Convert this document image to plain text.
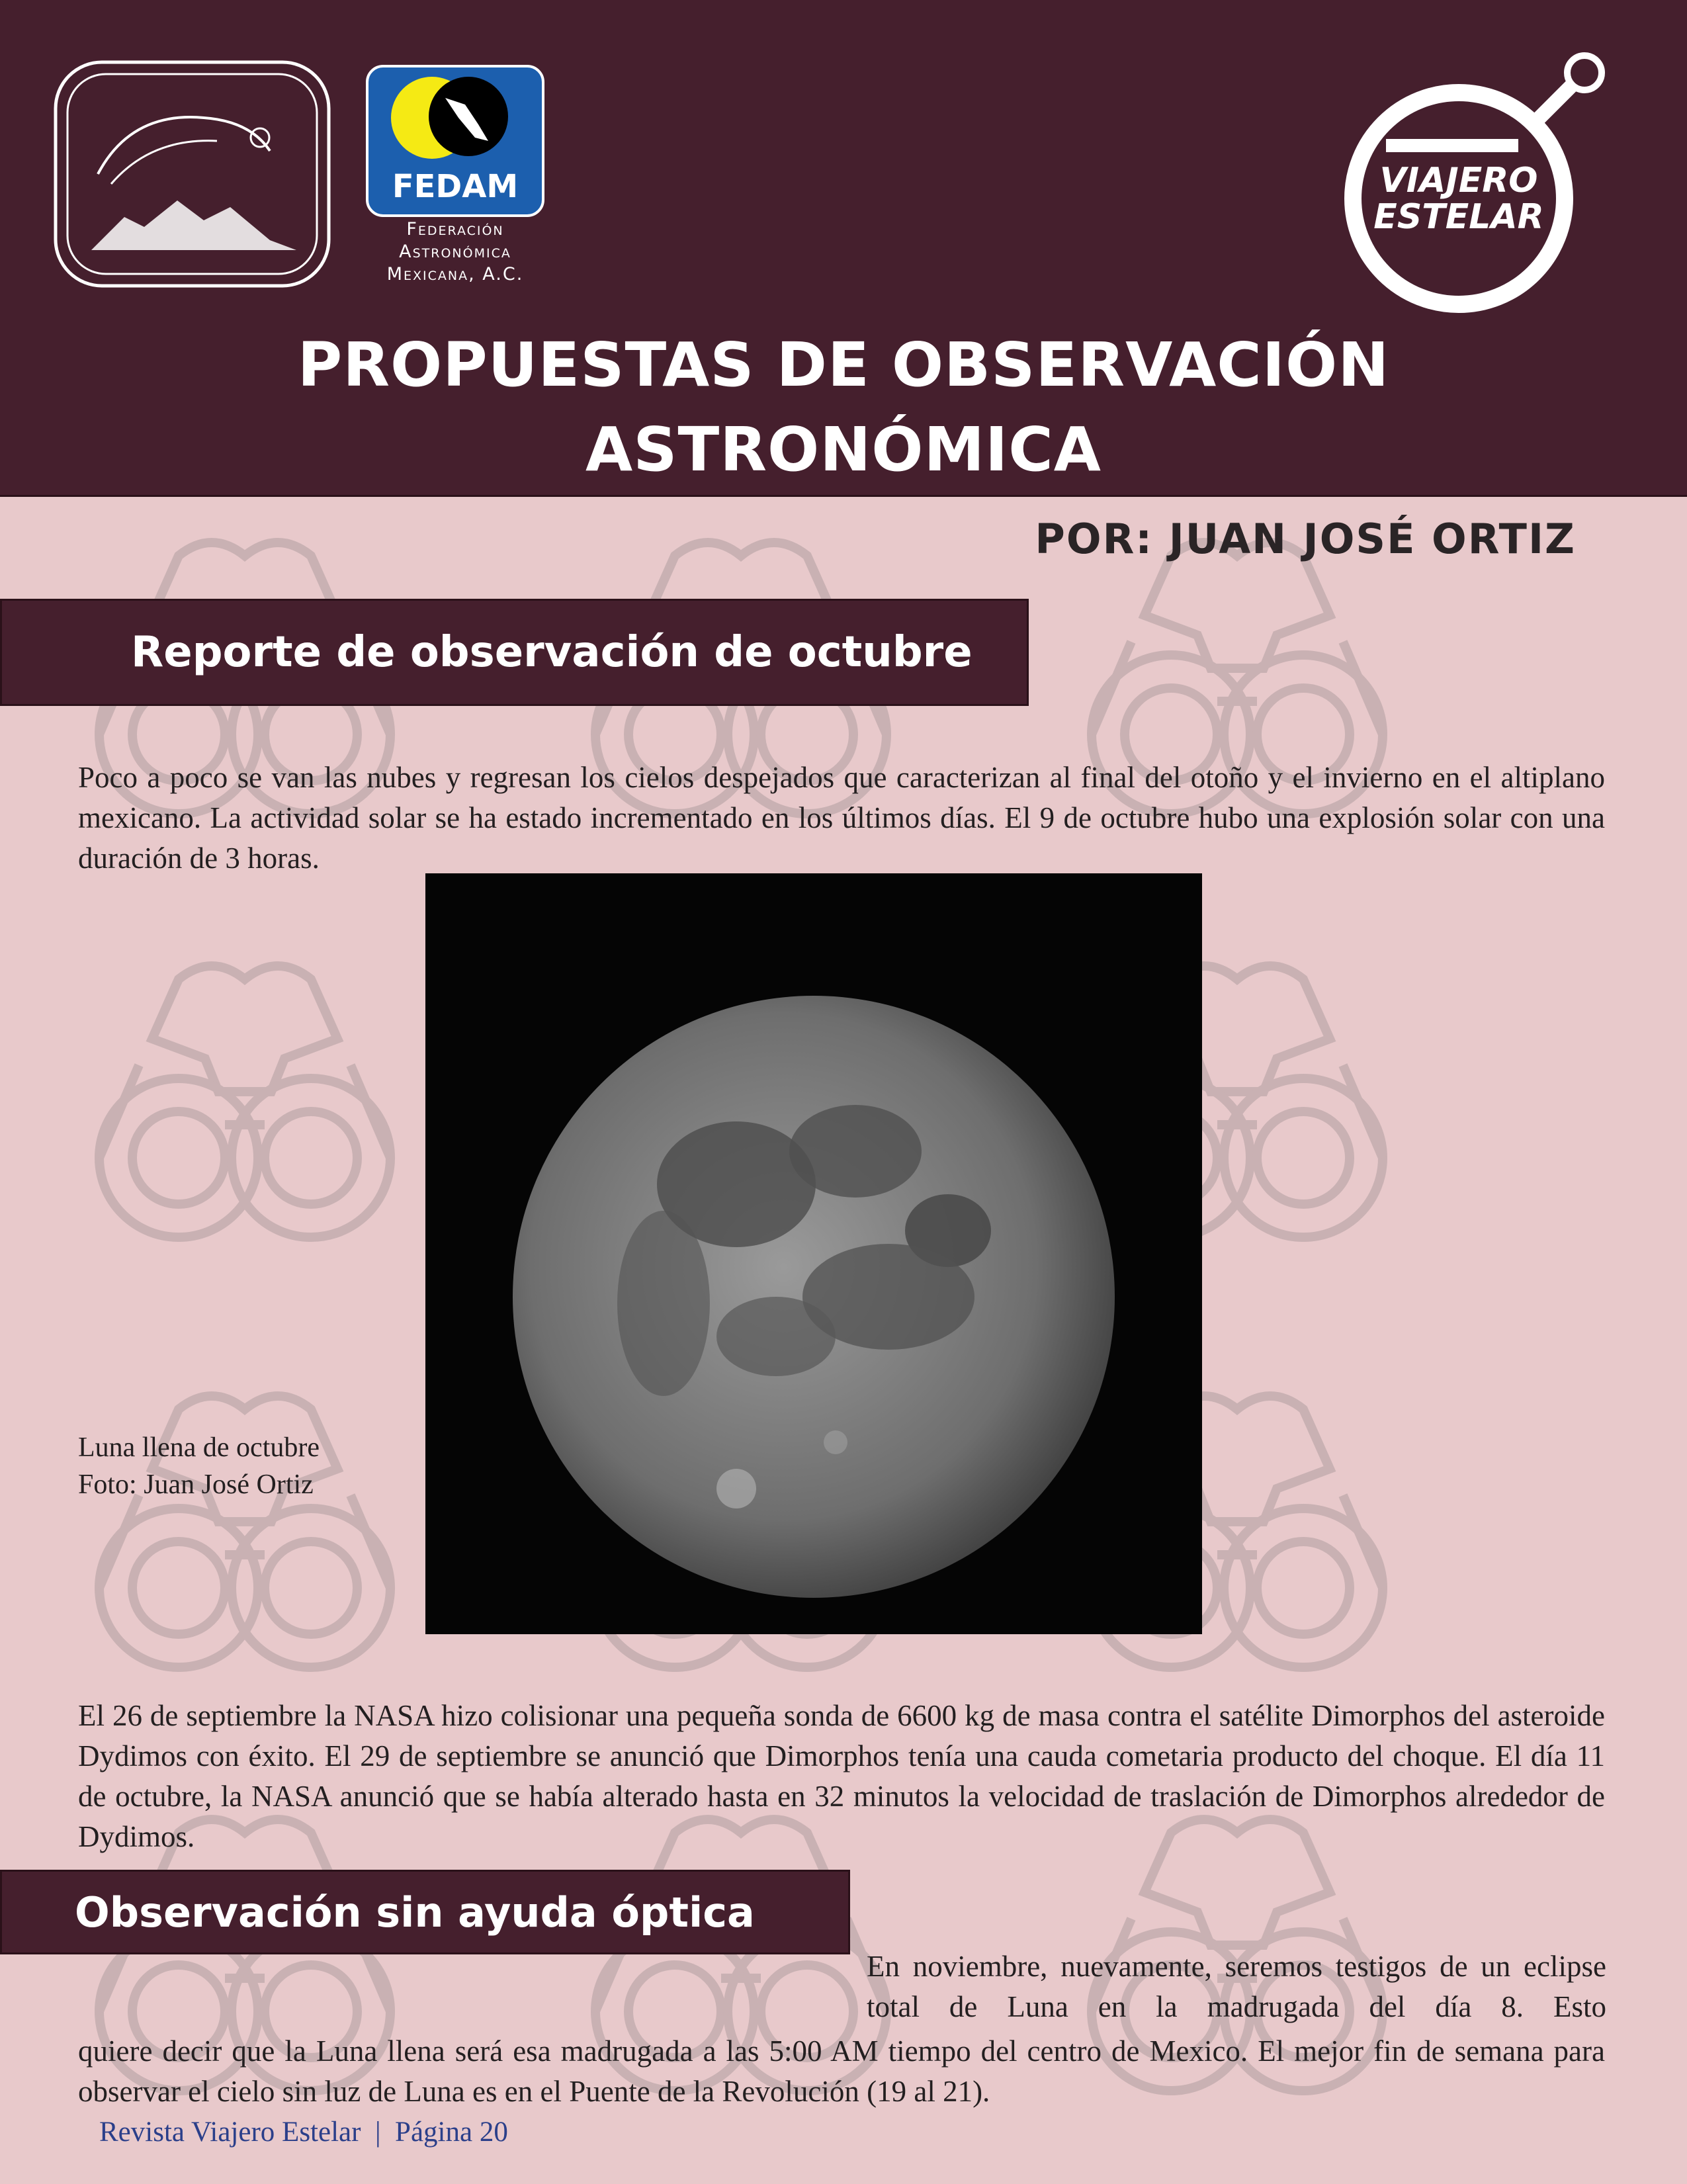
FEDAM
Federación
Astronómica
Mexicana, A.C.
VIAJERO
ESTELAR
PROPUESTAS DE OBSERVACIÓN
ASTRONÓMICA
POR: JUAN JOSÉ ORTIZ
Reporte de observación de octubre

Poco a poco se van las nubes y regresan los cielos despejados que caracterizan al final del otoño y el invierno en el altiplano mexicano. La actividad solar se ha estado incrementado en los últimos días. El 9 de octubre hubo una explosión solar con una duración de 3 horas.

Luna llena de octubre
Foto: Juan José Ortiz

El 26 de septiembre la NASA hizo colisionar una pequeña sonda de 6600 kg de masa contra el satélite Dimorphos del asteroide Dydimos con éxito. El 29 de septiembre se anunció que Dimorphos tenía una cauda cometaria producto del choque. El día 11 de octubre, la NASA anunció que se había alterado hasta en 32 minutos la velocidad de traslación de Dimorphos alrededor de Dydimos.

Observación sin ayuda óptica

En noviembre, nuevamente, seremos testigos de un eclipse total de Luna en la madrugada del día 8. Esto

quiere decir que la Luna llena será esa madrugada a las 5:00 AM tiempo del centro de Mexico. El mejor fin de semana para observar el cielo sin luz de Luna es en el Puente de la Revolución (19 al 21).

Revista Viajero Estelar  |  Página 20
